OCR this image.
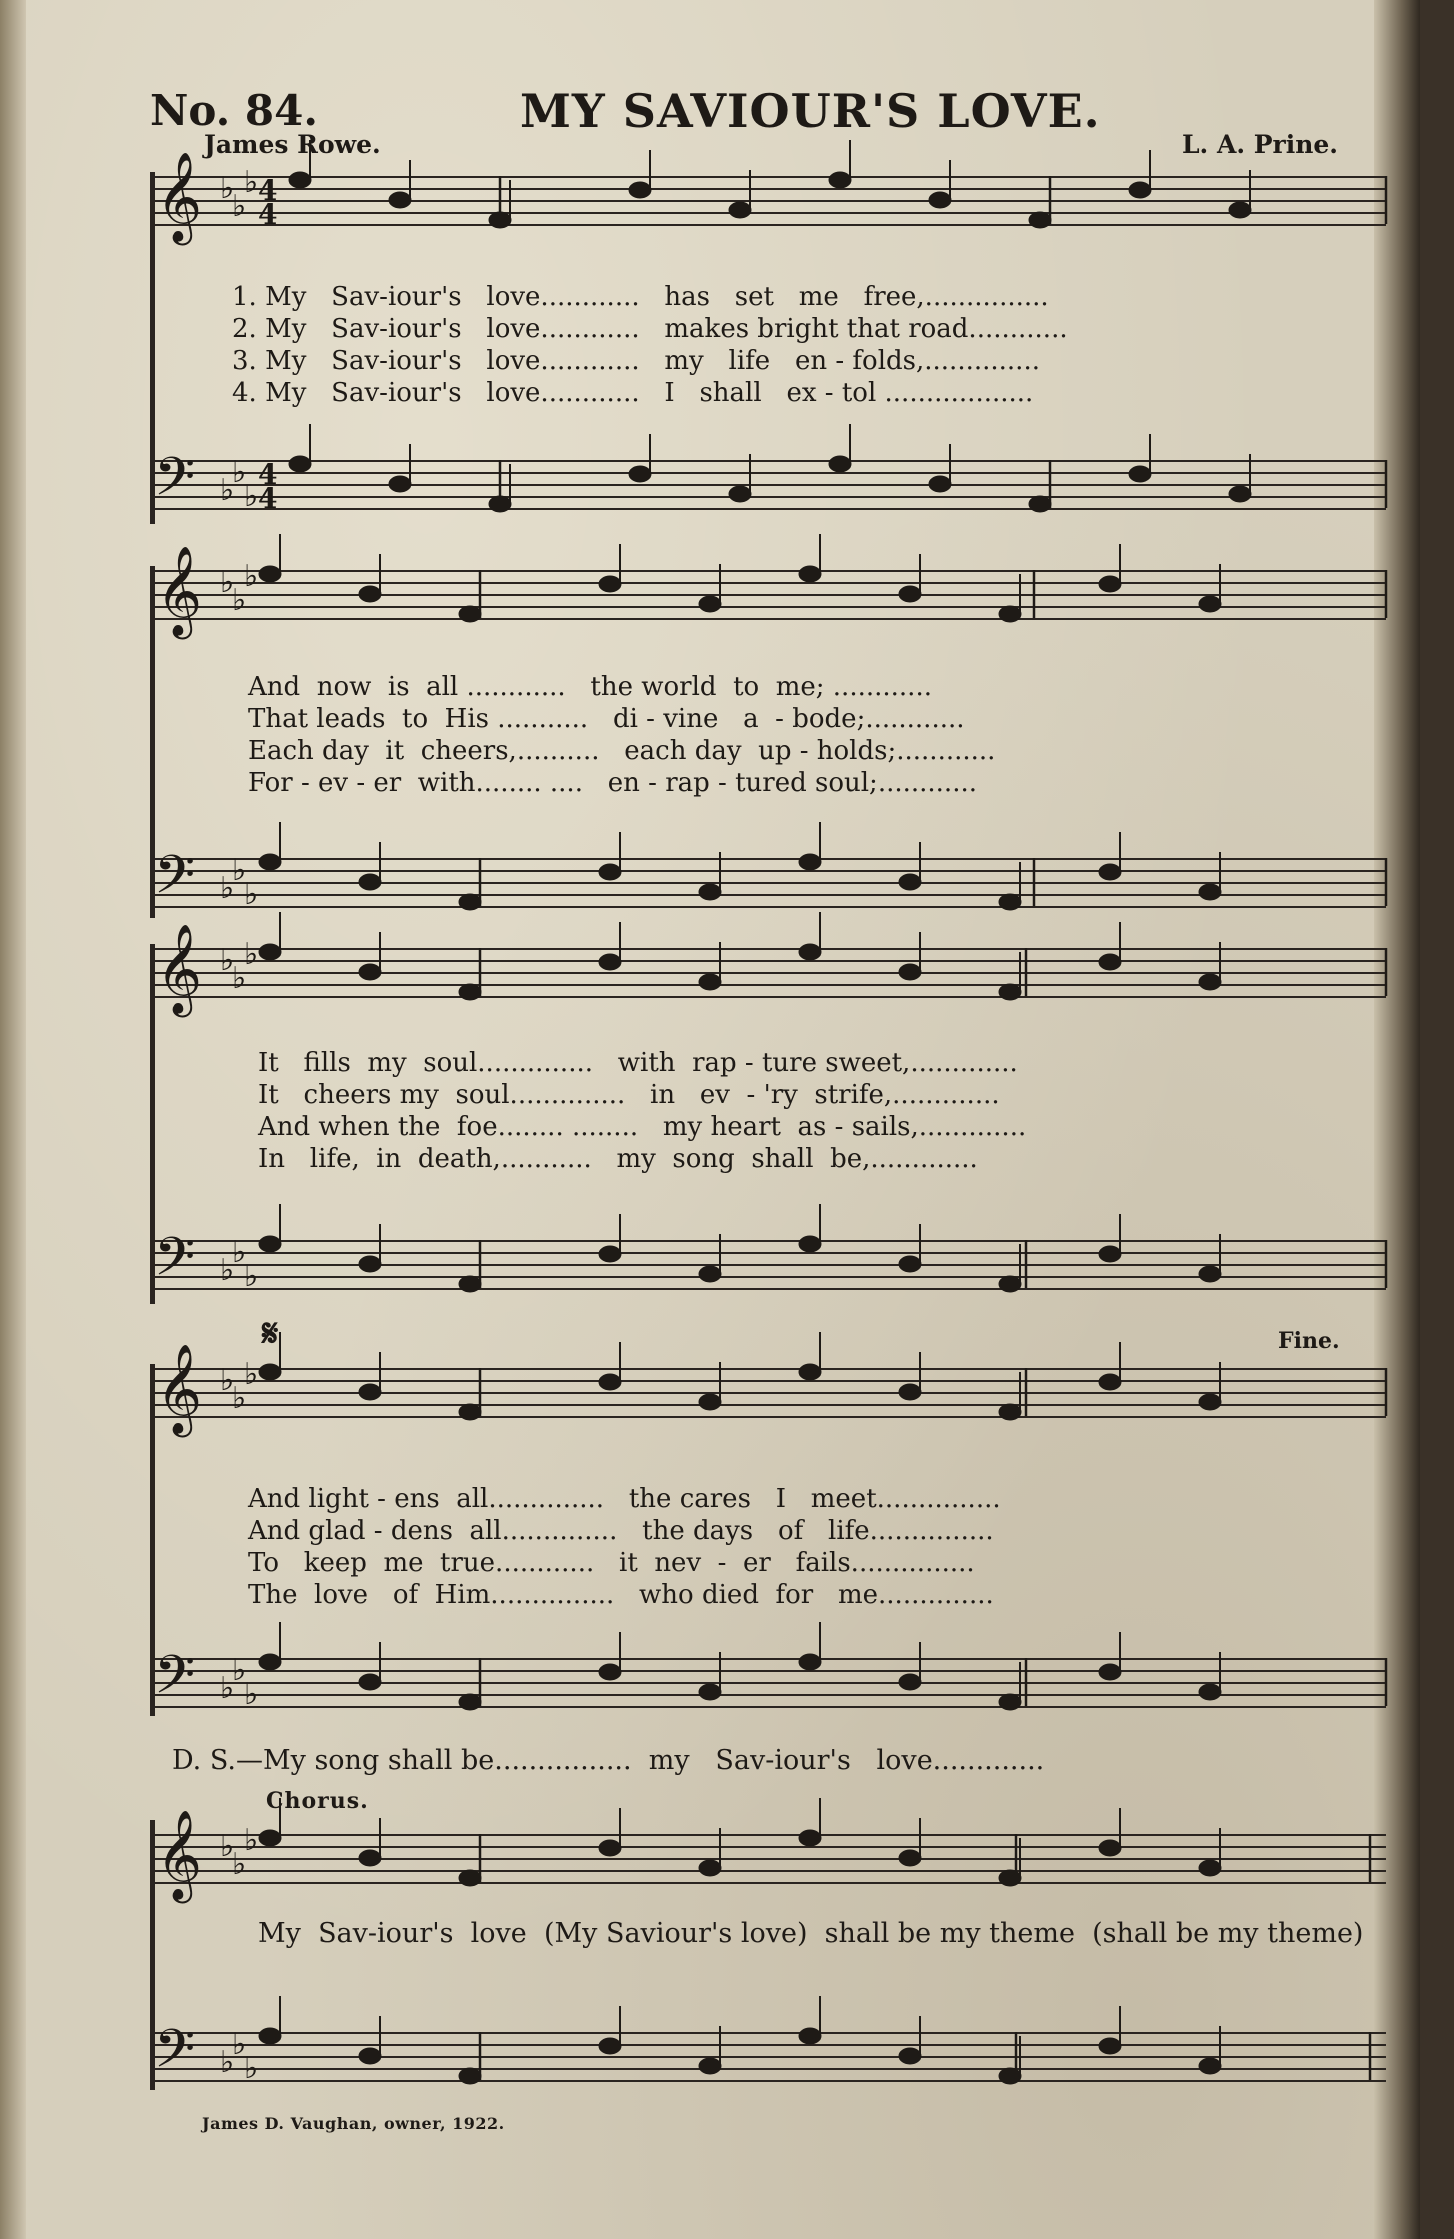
No. 84.	MY SAVIOUR'S LOVE.
James Rowe.	L. A. Prine.
𝄞
𝄢
1. My   Sav-iour's   love............   has   set   me   free,...............
2. My   Sav-iour's   love............   makes bright that road............
3. My   Sav-iour's   love............   my   life   en - folds,..............
4. My   Sav-iour's   love............   I   shall   ex - tol ..................
𝄞
𝄢
And  now  is  all ............   the world  to  me; ............
That leads  to  His ...........   di - vine   a  - bode;............
Each day  it  cheers,..........   each day  up - holds;............
For - ev - er  with........ ....   en - rap - tured soul;............
𝄞
𝄢
It   fills  my  soul..............   with  rap - ture sweet,.............
It   cheers my  soul..............   in   ev  - 'ry  strife,.............
And when the  foe........ ........   my heart  as - sails,.............
In   life,  in  death,...........   my  song  shall  be,.............
𝄋	Fine.
𝄞
𝄢
And light - ens  all..............   the cares   I   meet...............
And glad - dens  all..............   the days   of   life...............
To   keep  me  true............   it  nev  -  er   fails...............
The  love   of  Him...............   who died  for   me..............
D. S.—My song shall be................  my   Sav-iour's   love.............
Chorus.
𝄞
𝄢
My  Sav-iour's  love  (My Saviour's love)  shall be my theme  (shall be my theme)
James D. Vaughan, owner, 1922.
♭
♭
♭
♭
♭
♭
♭
♭
♭
♭
♭
♭
♭
♭
♭
♭
♭
♭
♭
♭
♭
♭
♭
♭
♭
♭
♭
♭
♭
♭
4
4
4
4
